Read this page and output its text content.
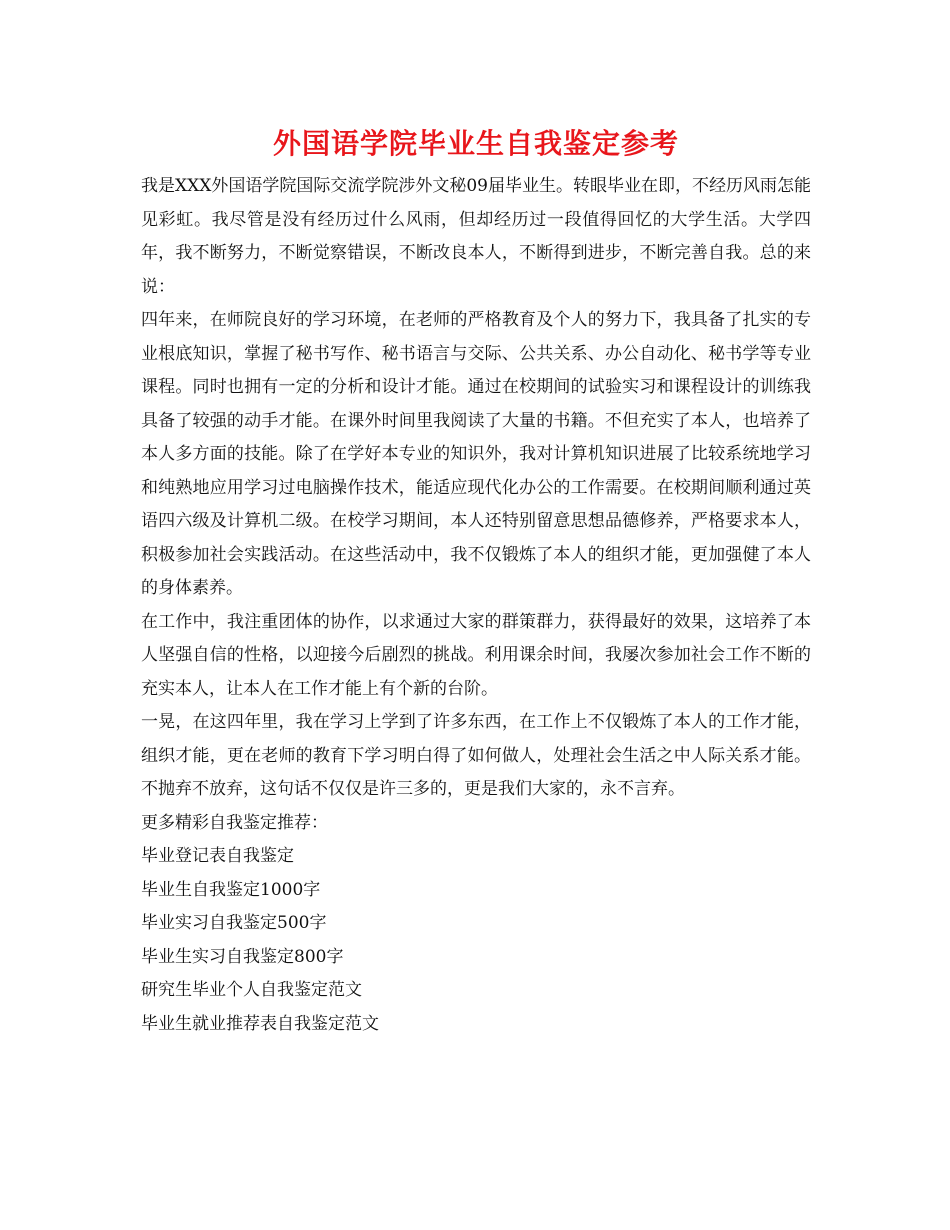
外国语学院毕业生自我鉴定参考

我是XXX外国语学院国际交流学院涉外文秘09届毕业生。转眼毕业在即，不经历风雨怎能见彩虹。我尽管是没有经历过什么风雨，但却经历过一段值得回忆的大学生活。大学四年，我不断努力，不断觉察错误，不断改良本人，不断得到进步，不断完善自我。总的来说：

四年来，在师院良好的学习环境，在老师的严格教育及个人的努力下，我具备了扎实的专业根底知识，掌握了秘书写作、秘书语言与交际、公共关系、办公自动化、秘书学等专业课程。同时也拥有一定的分析和设计才能。通过在校期间的试验实习和课程设计的训练我具备了较强的动手才能。在课外时间里我阅读了大量的书籍。不但充实了本人，也培养了本人多方面的技能。除了在学好本专业的知识外，我对计算机知识进展了比较系统地学习和纯熟地应用学习过电脑操作技术，能适应现代化办公的工作需要。在校期间顺利通过英语四六级及计算机二级。在校学习期间，本人还特别留意思想品德修养，严格要求本人，积极参加社会实践活动。在这些活动中，我不仅锻炼了本人的组织才能，更加强健了本人的身体素养。

在工作中，我注重团体的协作，以求通过大家的群策群力，获得最好的效果，这培养了本人坚强自信的性格，以迎接今后剧烈的挑战。利用课余时间，我屡次参加社会工作不断的充实本人，让本人在工作才能上有个新的台阶。

一晃，在这四年里，我在学习上学到了许多东西，在工作上不仅锻炼了本人的工作才能，组织才能，更在老师的教育下学习明白得了如何做人，处理社会生活之中人际关系才能。不抛弃不放弃，这句话不仅仅是许三多的，更是我们大家的，永不言弃。

更多精彩自我鉴定推荐：

毕业登记表自我鉴定
毕业生自我鉴定1000字
毕业实习自我鉴定500字
毕业生实习自我鉴定800字
研究生毕业个人自我鉴定范文
毕业生就业推荐表自我鉴定范文
